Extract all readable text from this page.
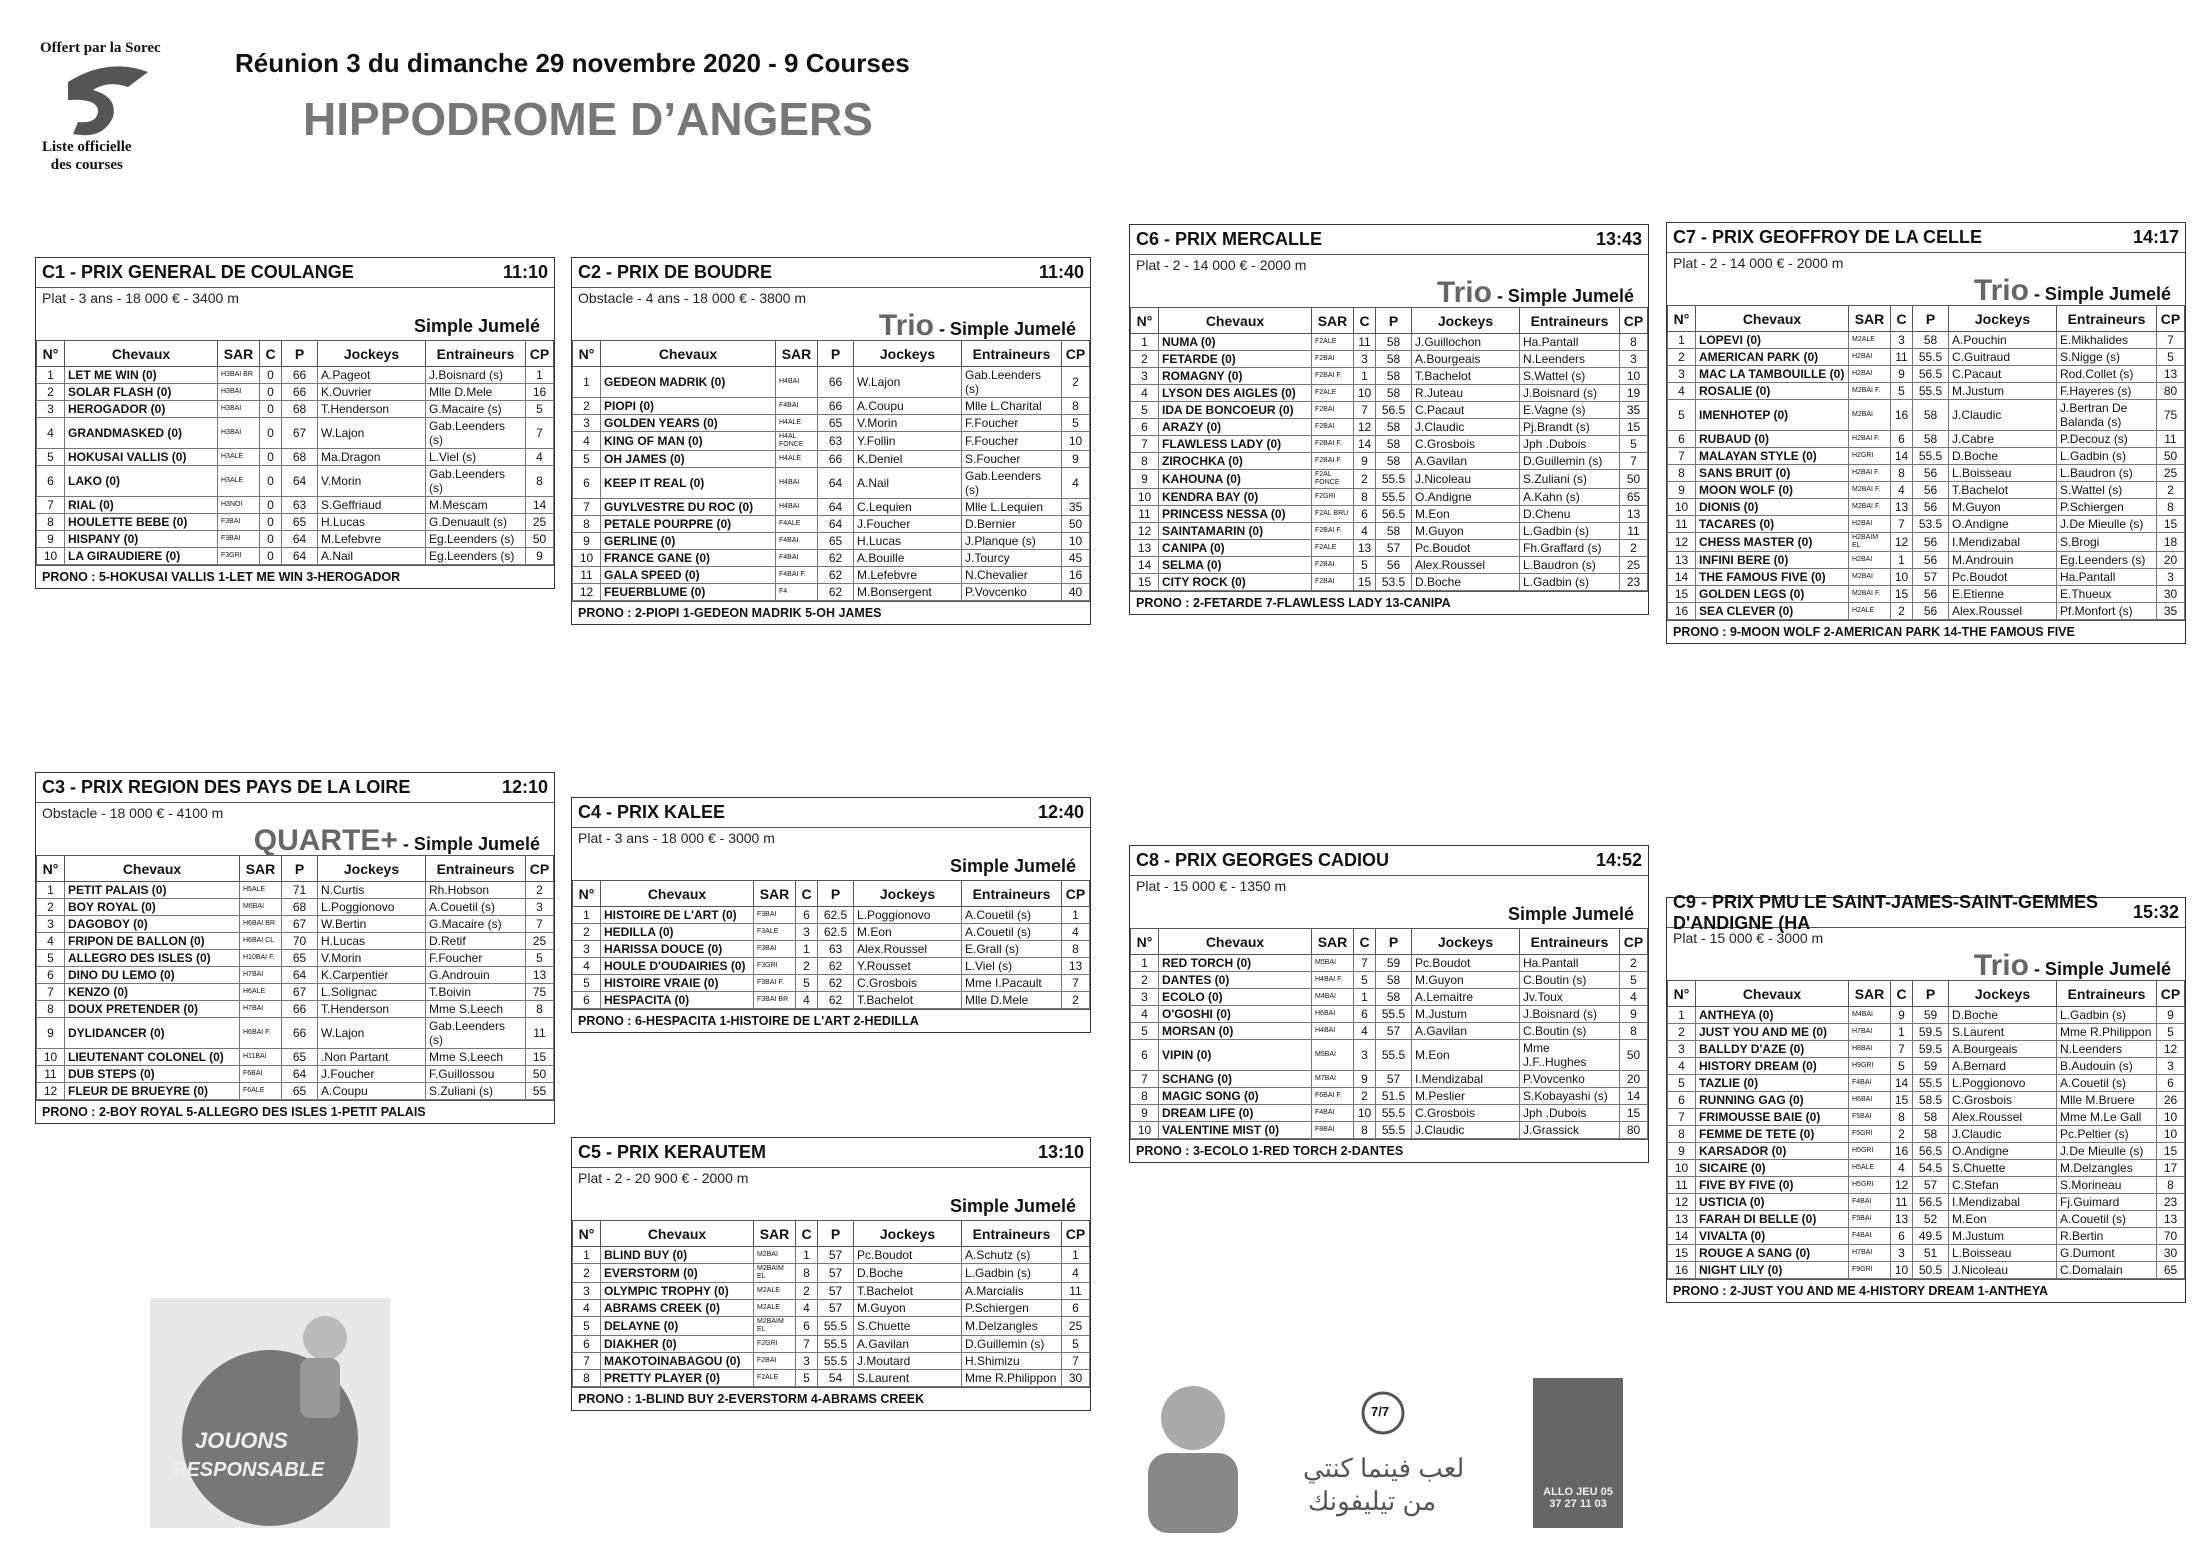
Offert par la Sorec
Liste officielle
des courses
Réunion 3 du dimanche 29 novembre 2020 - 9 Courses
HIPPODROME D’ANGERS
C1 - PRIX GENERAL DE COULANGE	11:10
Plat - 3 ans - 18 000 € - 3400 m
Simple Jumelé
N°	Chevaux	SAR	C	P	Jockeys	Entraineurs	CP
1	LET ME WIN (0)	H3BAI BR	0	66	A.Pageot	J.Boisnard (s)	1
2	SOLAR FLASH (0)	H3BAI	0	66	K.Ouvrier	Mlle D.Mele	16
3	HEROGADOR (0)	H3BAI	0	68	T.Henderson	G.Macaire (s)	5
4	GRANDMASKED (0)	H3BAI	0	67	W.Lajon	Gab.Leenders (s)	7
5	HOKUSAI VALLIS (0)	H3ALE	0	68	Ma.Dragon	L.Viel (s)	4
6	LAKO (0)	H3ALE	0	64	V.Morin	Gab.Leenders (s)	8
7	RIAL (0)	H3NOI	0	63	S.Geffriaud	M.Mescam	14
8	HOULETTE BEBE (0)	F3BAI	0	65	H.Lucas	G.Denuault (s)	25
9	HISPANY (0)	F3BAI	0	64	M.Lefebvre	Eg.Leenders (s)	50
10	LA GIRAUDIERE (0)	F3GRI	0	64	A.Nail	Eg.Leenders (s)	9
PRONO : 5-HOKUSAI VALLIS 1-LET ME WIN 3-HEROGADOR
C2 - PRIX DE BOUDRE	11:40
Obstacle - 4 ans - 18 000 € - 3800 m
Trio - Simple Jumelé
N°	Chevaux	SAR	P	Jockeys	Entraineurs	CP
1	GEDEON MADRIK (0)	H4BAI	66	W.Lajon	Gab.Leenders (s)	2
2	PIOPI (0)	F4BAI	66	A.Coupu	Mlle L.Charital	8
3	GOLDEN YEARS (0)	H4ALE	65	V.Morin	F.Foucher	5
4	KING OF MAN (0)	H4AL FONCE	63	Y.Follin	F.Foucher	10
5	OH JAMES (0)	H4ALE	66	K.Deniel	S.Foucher	9
6	KEEP IT REAL (0)	H4BAI	64	A.Nail	Gab.Leenders (s)	4
7	GUYLVESTRE DU ROC (0)	H4BAI	64	C.Lequien	Mlle L.Lequien	35
8	PETALE POURPRE (0)	F4ALE	64	J.Foucher	D.Bernier	50
9	GERLINE (0)	F4BAI	65	H.Lucas	J.Planque (s)	10
10	FRANCE GANE (0)	F4BAI	62	A.Bouille	J.Tourcy	45
11	GALA SPEED (0)	F4BAI F.	62	M.Lefebvre	N.Chevalier	16
12	FEUERBLUME (0)	F4	62	M.Bonsergent	P.Vovcenko	40
PRONO : 2-PIOPI 1-GEDEON MADRIK 5-OH JAMES
C3 - PRIX REGION DES PAYS DE LA LOIRE	12:10
Obstacle - 18 000 € - 4100 m
QUARTE+ - Simple Jumelé
N°	Chevaux	SAR	P	Jockeys	Entraineurs	CP
1	PETIT PALAIS (0)	H5ALE	71	N.Curtis	Rh.Hobson	2
2	BOY ROYAL (0)	M6BAI	68	L.Poggionovo	A.Couetil (s)	3
3	DAGOBOY (0)	H6BAI BR	67	W.Bertin	G.Macaire (s)	7
4	FRIPON DE BALLON (0)	H6BAI CL	70	H.Lucas	D.Retif	25
5	ALLEGRO DES ISLES (0)	H10BAI F.	65	V.Morin	F.Foucher	5
6	DINO DU LEMO (0)	H7BAI	64	K.Carpentier	G.Androuin	13
7	KENZO (0)	H6ALE	67	L.Solignac	T.Boivin	75
8	DOUX PRETENDER (0)	H7BAI	66	T.Henderson	Mme S.Leech	8
9	DYLIDANCER (0)	H6BAI F.	66	W.Lajon	Gab.Leenders (s)	11
10	LIEUTENANT COLONEL (0)	H11BAI	65	.Non Partant	Mme S.Leech	15
11	DUB STEPS (0)	F6BAI	64	J.Foucher	F.Guillossou	50
12	FLEUR DE BRUEYRE (0)	F6ALE	65	A.Coupu	S.Zuliani (s)	55
PRONO : 2-BOY ROYAL 5-ALLEGRO DES ISLES 1-PETIT PALAIS
C4 - PRIX KALEE	12:40
Plat - 3 ans - 18 000 € - 3000 m
Simple Jumelé
N°	Chevaux	SAR	C	P	Jockeys	Entraineurs	CP
1	HISTOIRE DE L'ART (0)	F3BAI	6	62.5	L.Poggionovo	A.Couetil (s)	1
2	HEDILLA (0)	F3ALE	3	62.5	M.Eon	A.Couetil (s)	4
3	HARISSA DOUCE (0)	F3BAI	1	63	Alex.Roussel	E.Grall (s)	8
4	HOULE D'OUDAIRIES (0)	F3GRI	2	62	Y.Rousset	L.Viel (s)	13
5	HISTOIRE VRAIE (0)	F3BAI F.	5	62	C.Grosbois	Mme I.Pacault	7
6	HESPACITA (0)	F3BAI BR	4	62	T.Bachelot	Mlle D.Mele	2
PRONO : 6-HESPACITA 1-HISTOIRE DE L'ART 2-HEDILLA
C5 - PRIX KERAUTEM	13:10
Plat - 2 - 20 900 € - 2000 m
Simple Jumelé
N°	Chevaux	SAR	C	P	Jockeys	Entraineurs	CP
1	BLIND BUY (0)	M2BAI	1	57	Pc.Boudot	A.Schutz (s)	1
2	EVERSTORM (0)	M2BAIM EL	8	57	D.Boche	L.Gadbin (s)	4
3	OLYMPIC TROPHY (0)	M2ALE	2	57	T.Bachelot	A.Marcialis	11
4	ABRAMS CREEK (0)	M2ALE	4	57	M.Guyon	P.Schiergen	6
5	DELAYNE (0)	M2BAIM EL	6	55.5	S.Chuette	M.Delzangles	25
6	DIAKHER (0)	F2GRI	7	55.5	A.Gavilan	D.Guillemin (s)	5
7	MAKOTOINABAGOU (0)	F2BAI	3	55.5	J.Moutard	H.Shimizu	7
8	PRETTY PLAYER (0)	F2ALE	5	54	S.Laurent	Mme R.Philippon	30
PRONO : 1-BLIND BUY 2-EVERSTORM 4-ABRAMS CREEK
C6 - PRIX MERCALLE	13:43
Plat - 2 - 14 000 € - 2000 m
Trio - Simple Jumelé
N°	Chevaux	SAR	C	P	Jockeys	Entraineurs	CP
1	NUMA (0)	F2ALE	11	58	J.Guillochon	Ha.Pantall	8
2	FETARDE (0)	F2BAI	3	58	A.Bourgeais	N.Leenders	3
3	ROMAGNY (0)	F2BAI F.	1	58	T.Bachelot	S.Wattel (s)	10
4	LYSON DES AIGLES (0)	F2ALE	10	58	R.Juteau	J.Boisnard (s)	19
5	IDA DE BONCOEUR (0)	F2BAI	7	56.5	C.Pacaut	E.Vagne (s)	35
6	ARAZY (0)	F2BAI	12	58	J.Claudic	Pj.Brandt (s)	15
7	FLAWLESS LADY (0)	F2BAI F.	14	58	C.Grosbois	Jph .Dubois	5
8	ZIROCHKA (0)	F2BAI F.	9	58	A.Gavilan	D.Guillemin (s)	7
9	KAHOUNA (0)	F2AL FONCE	2	55.5	J.Nicoleau	S.Zuliani (s)	50
10	KENDRA BAY (0)	F2GRI	8	55.5	O.Andigne	A.Kahn (s)	65
11	PRINCESS NESSA (0)	F2AL BRU	6	56.5	M.Eon	D.Chenu	13
12	SAINTAMARIN (0)	F2BAI F.	4	58	M.Guyon	L.Gadbin (s)	11
13	CANIPA (0)	F2ALE	13	57	Pc.Boudot	Fh.Graffard (s)	2
14	SELMA (0)	F2BAI	5	56	Alex.Roussel	L.Baudron (s)	25
15	CITY ROCK (0)	F2BAI	15	53.5	D.Boche	L.Gadbin (s)	23
PRONO : 2-FETARDE 7-FLAWLESS LADY 13-CANIPA
C7 - PRIX GEOFFROY DE LA CELLE	14:17
Plat - 2 - 14 000 € - 2000 m
Trio - Simple Jumelé
N°	Chevaux	SAR	C	P	Jockeys	Entraineurs	CP
1	LOPEVI (0)	M2ALE	3	58	A.Pouchin	E.Mikhalides	7
2	AMERICAN PARK (0)	H2BAI	11	55.5	C.Guitraud	S.Nigge (s)	5
3	MAC LA TAMBOUILLE (0)	H2BAI	9	56.5	C.Pacaut	Rod.Collet (s)	13
4	ROSALIE (0)	M2BAI F.	5	55.5	M.Justum	F.Hayeres (s)	80
5	IMENHOTEP (0)	M2BAI	16	58	J.Claudic	J.Bertran De Balanda (s)	75
6	RUBAUD (0)	H2BAI F.	6	58	J.Cabre	P.Decouz (s)	11
7	MALAYAN STYLE (0)	H2GRI	14	55.5	D.Boche	L.Gadbin (s)	50
8	SANS BRUIT (0)	H2BAI F.	8	56	L.Boisseau	L.Baudron (s)	25
9	MOON WOLF (0)	M2BAI F.	4	56	T.Bachelot	S.Wattel (s)	2
10	DIONIS (0)	M2BAI F.	13	56	M.Guyon	P.Schiergen	8
11	TACARES (0)	H2BAI	7	53.5	O.Andigne	J.De Mieulle (s)	15
12	CHESS MASTER (0)	H2BAIM EL	12	56	I.Mendizabal	S.Brogi	18
13	INFINI BERE (0)	H2BAI	1	56	M.Androuin	Eg.Leenders (s)	20
14	THE FAMOUS FIVE (0)	M2BAI	10	57	Pc.Boudot	Ha.Pantall	3
15	GOLDEN LEGS (0)	M2BAI F.	15	56	E.Etienne	E.Thueux	30
16	SEA CLEVER (0)	H2ALE	2	56	Alex.Roussel	Pf.Monfort (s)	35
PRONO : 9-MOON WOLF 2-AMERICAN PARK 14-THE FAMOUS FIVE
C8 - PRIX GEORGES CADIOU	14:52
Plat - 15 000 € - 1350 m
Simple Jumelé
N°	Chevaux	SAR	C	P	Jockeys	Entraineurs	CP
1	RED TORCH (0)	M5BAI	7	59	Pc.Boudot	Ha.Pantall	2
2	DANTES (0)	H4BAI F.	5	58	M.Guyon	C.Boutin (s)	5
3	ECOLO (0)	M4BAI	1	58	A.Lemaitre	Jv.Toux	4
4	O'GOSHI (0)	H6BAI	6	55.5	M.Justum	J.Boisnard (s)	9
5	MORSAN (0)	H4BAI	4	57	A.Gavilan	C.Boutin (s)	8
6	VIPIN (0)	M5BAI	3	55.5	M.Eon	Mme J.F..Hughes	50
7	SCHANG (0)	M7BAI	9	57	I.Mendizabal	P.Vovcenko	20
8	MAGIC SONG (0)	F6BAI F.	2	51.5	M.Peslier	S.Kobayashi (s)	14
9	DREAM LIFE (0)	F4BAI	10	55.5	C.Grosbois	Jph .Dubois	15
10	VALENTINE MIST (0)	F8BAI	8	55.5	J.Claudic	J.Grassick	80
PRONO : 3-ECOLO 1-RED TORCH 2-DANTES
C9 - PRIX PMU LE SAINT-JAMES-SAINT-GEMMES D'ANDIGNE (HA
15:32
Plat - 15 000 € - 3000 m
Trio - Simple Jumelé
N°	Chevaux	SAR	C	P	Jockeys	Entraineurs	CP
1	ANTHEYA (0)	M4BAI	9	59	D.Boche	L.Gadbin (s)	9
2	JUST YOU AND ME (0)	H7BAI	1	59.5	S.Laurent	Mme R.Philippon	5
3	BALLDY D'AZE (0)	H8BAI	7	59.5	A.Bourgeais	N.Leenders	12
4	HISTORY DREAM (0)	H9GRI	5	59	A.Bernard	B.Audouin (s)	3
5	TAZLIE (0)	F4BAI	14	55.5	L.Poggionovo	A.Couetil (s)	6
6	RUNNING GAG (0)	H6BAI	15	58.5	C.Grosbois	Mlle M.Bruere	26
7	FRIMOUSSE BAIE (0)	F5BAI	8	58	Alex.Roussel	Mme M.Le Gall	10
8	FEMME DE TETE (0)	F5GRI	2	58	J.Claudic	Pc.Peltier (s)	10
9	KARSADOR (0)	H5GRI	16	56.5	O.Andigne	J.De Mieulle (s)	15
10	SICAIRE (0)	H5ALE	4	54.5	S.Chuette	M.Delzangles	17
11	FIVE BY FIVE (0)	H5GRI	12	57	C.Stefan	S.Morineau	8
12	USTICIA (0)	F4BAI	11	56.5	I.Mendizabal	Fj.Guimard	23
13	FARAH DI BELLE (0)	F5BAI	13	52	M.Eon	A.Couetil (s)	13
14	VIVALTA (0)	F4BAI	6	49.5	M.Justum	R.Bertin	70
15	ROUGE A SANG (0)	H7BAI	3	51	L.Boisseau	G.Dumont	30
16	NIGHT LILY (0)	F9GRI	10	50.5	J.Nicoleau	C.Domalain	65
PRONO : 2-JUST YOU AND ME 4-HISTORY DREAM 1-ANTHEYA
JOUONS
RESPONSABLE
7/7
لعب فينما كنتي
من تيليفونك	ALLO JEU 05 37 27 11 03
